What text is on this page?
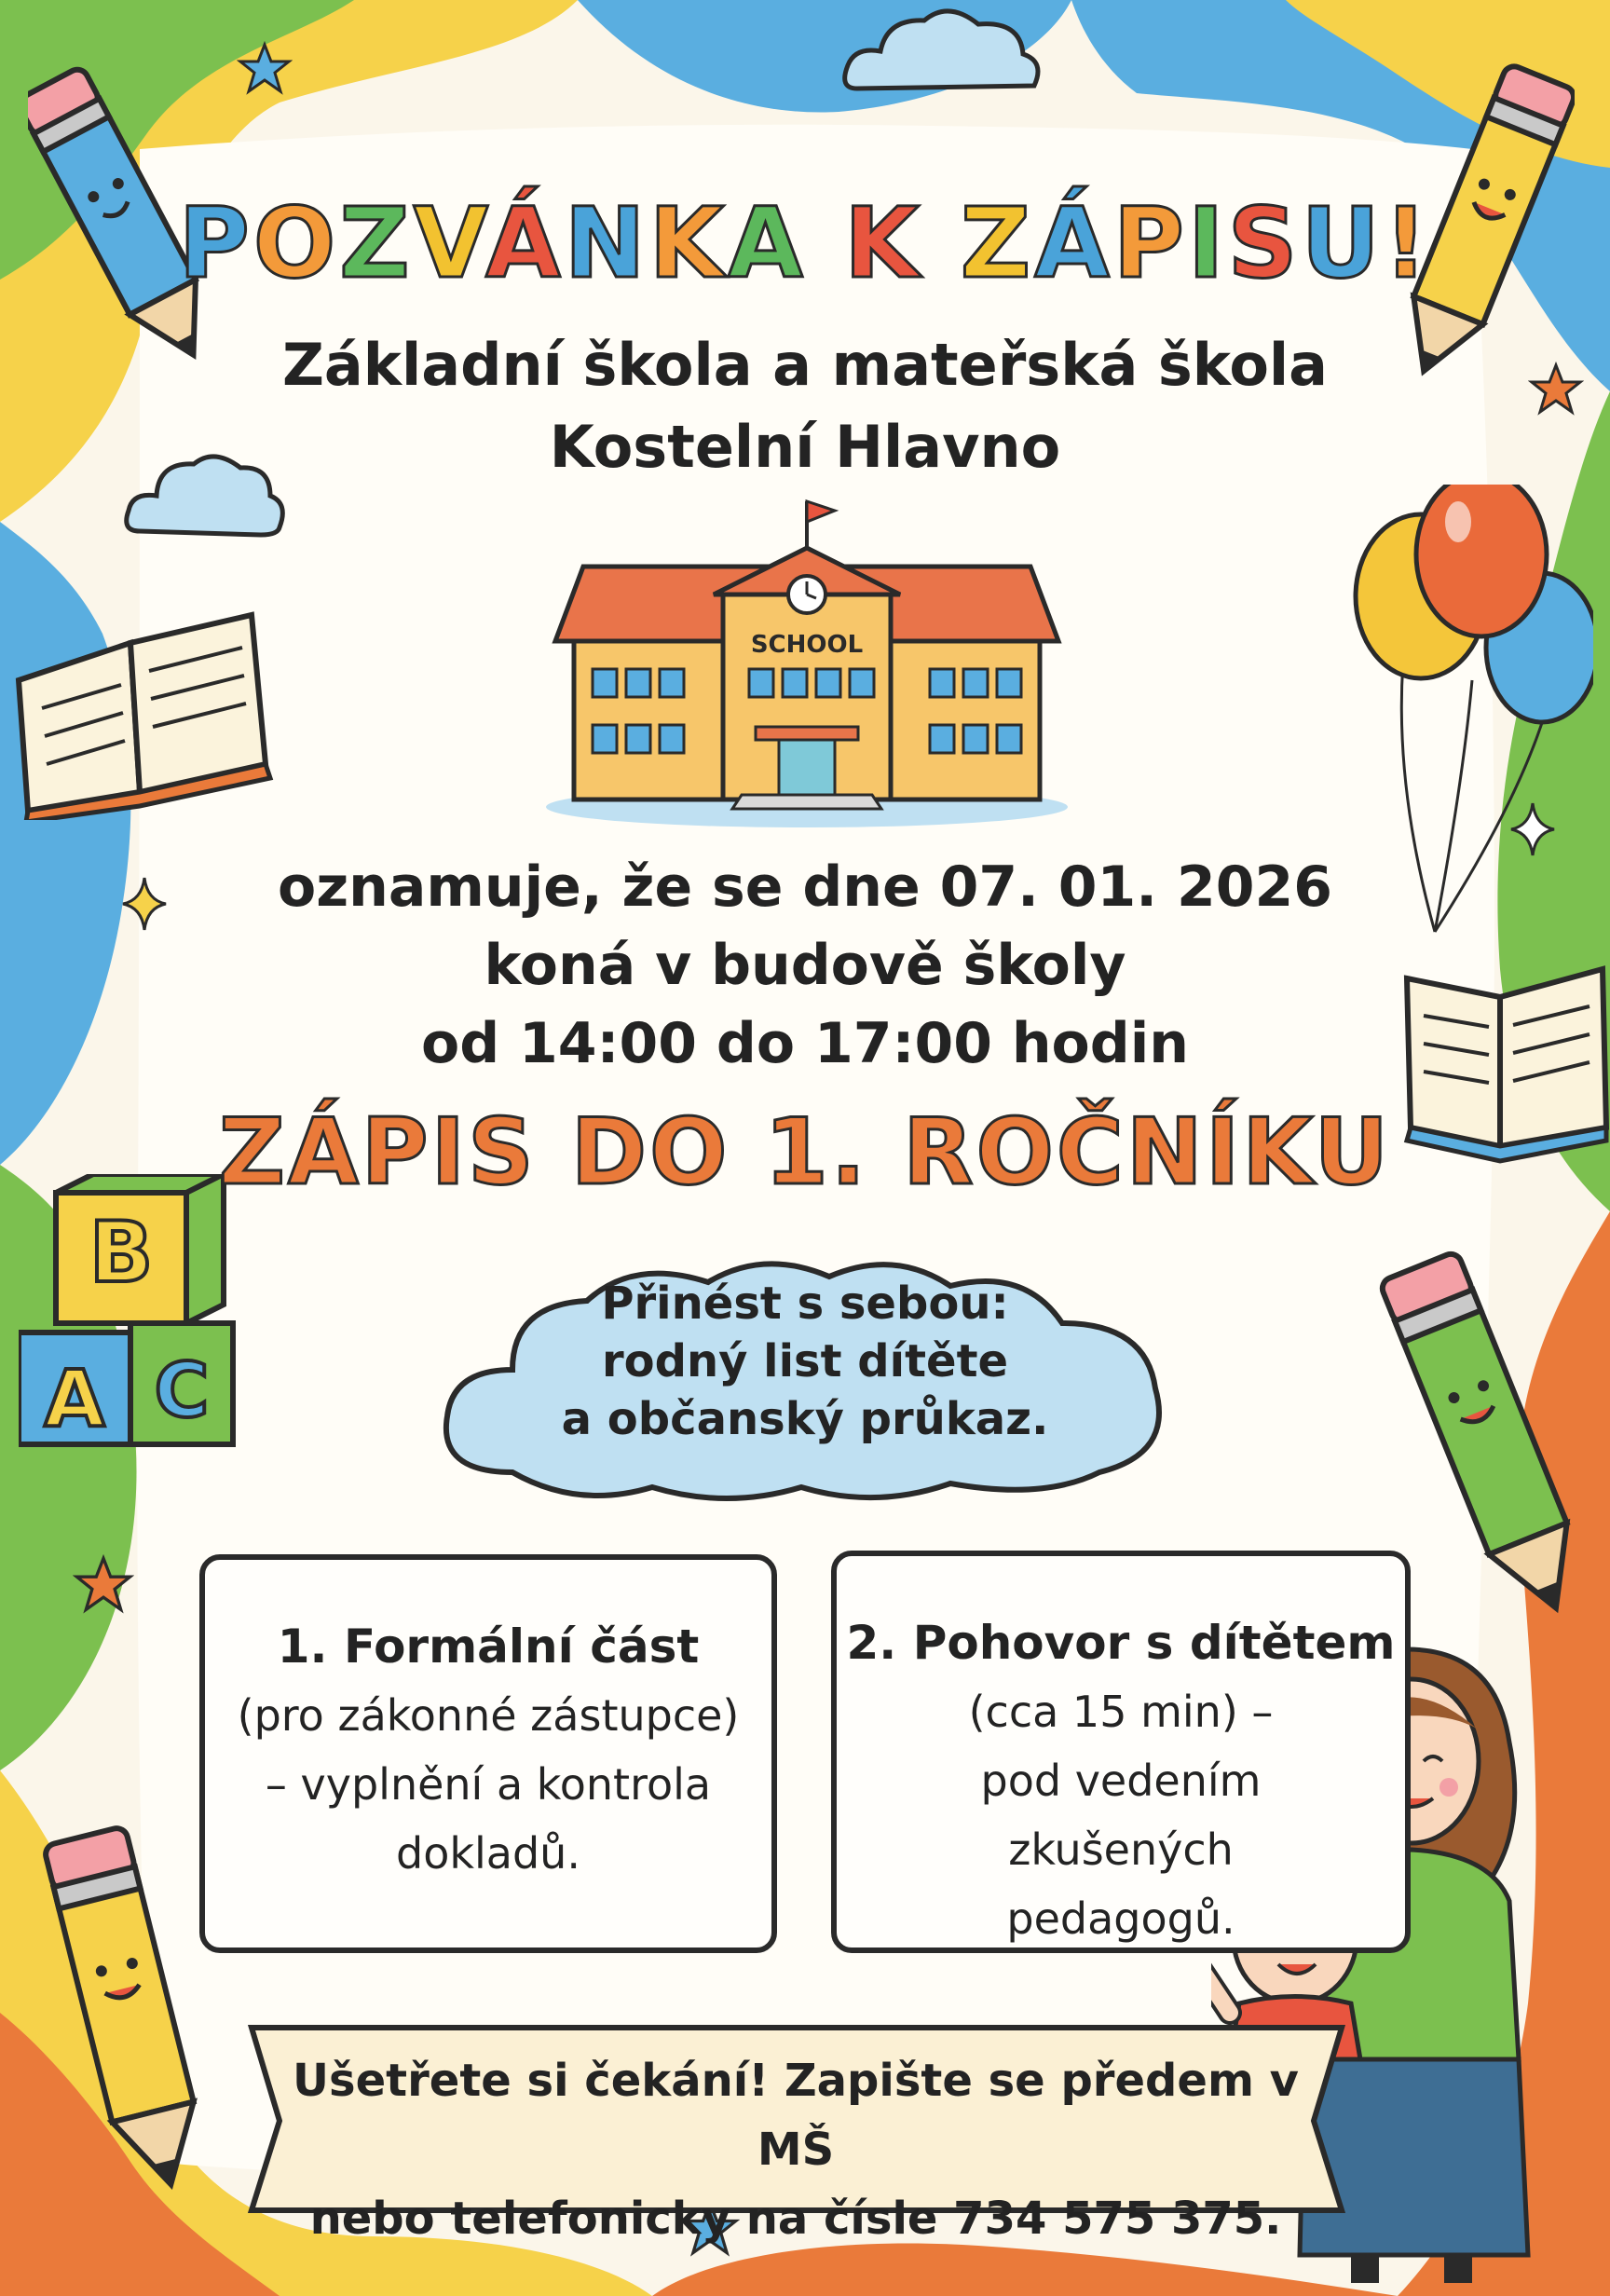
B
A C
SCHOOL
POZVÁNKA K ZÁPISU!
Základní škola a mateřská škola
Kostelní Hlavno
oznamuje, že se dne 07. 01. 2026
koná v budově školy
od 14:00 do 17:00 hodin
ZÁPIS DO 1. ROČNÍKU
Přinést s sebou:
rodný list dítěte
a občanský průkaz.
1. Formální část
(pro zákonné zástupce)
– vyplnění a kontrola
dokladů.
2. Pohovor s dítětem
(cca 15 min) –
pod vedením
zkušených
pedagogů.
Ušetřete si čekání! Zapište se předem v MŠ
nebo telefonicky na čísle 734 575 375.
